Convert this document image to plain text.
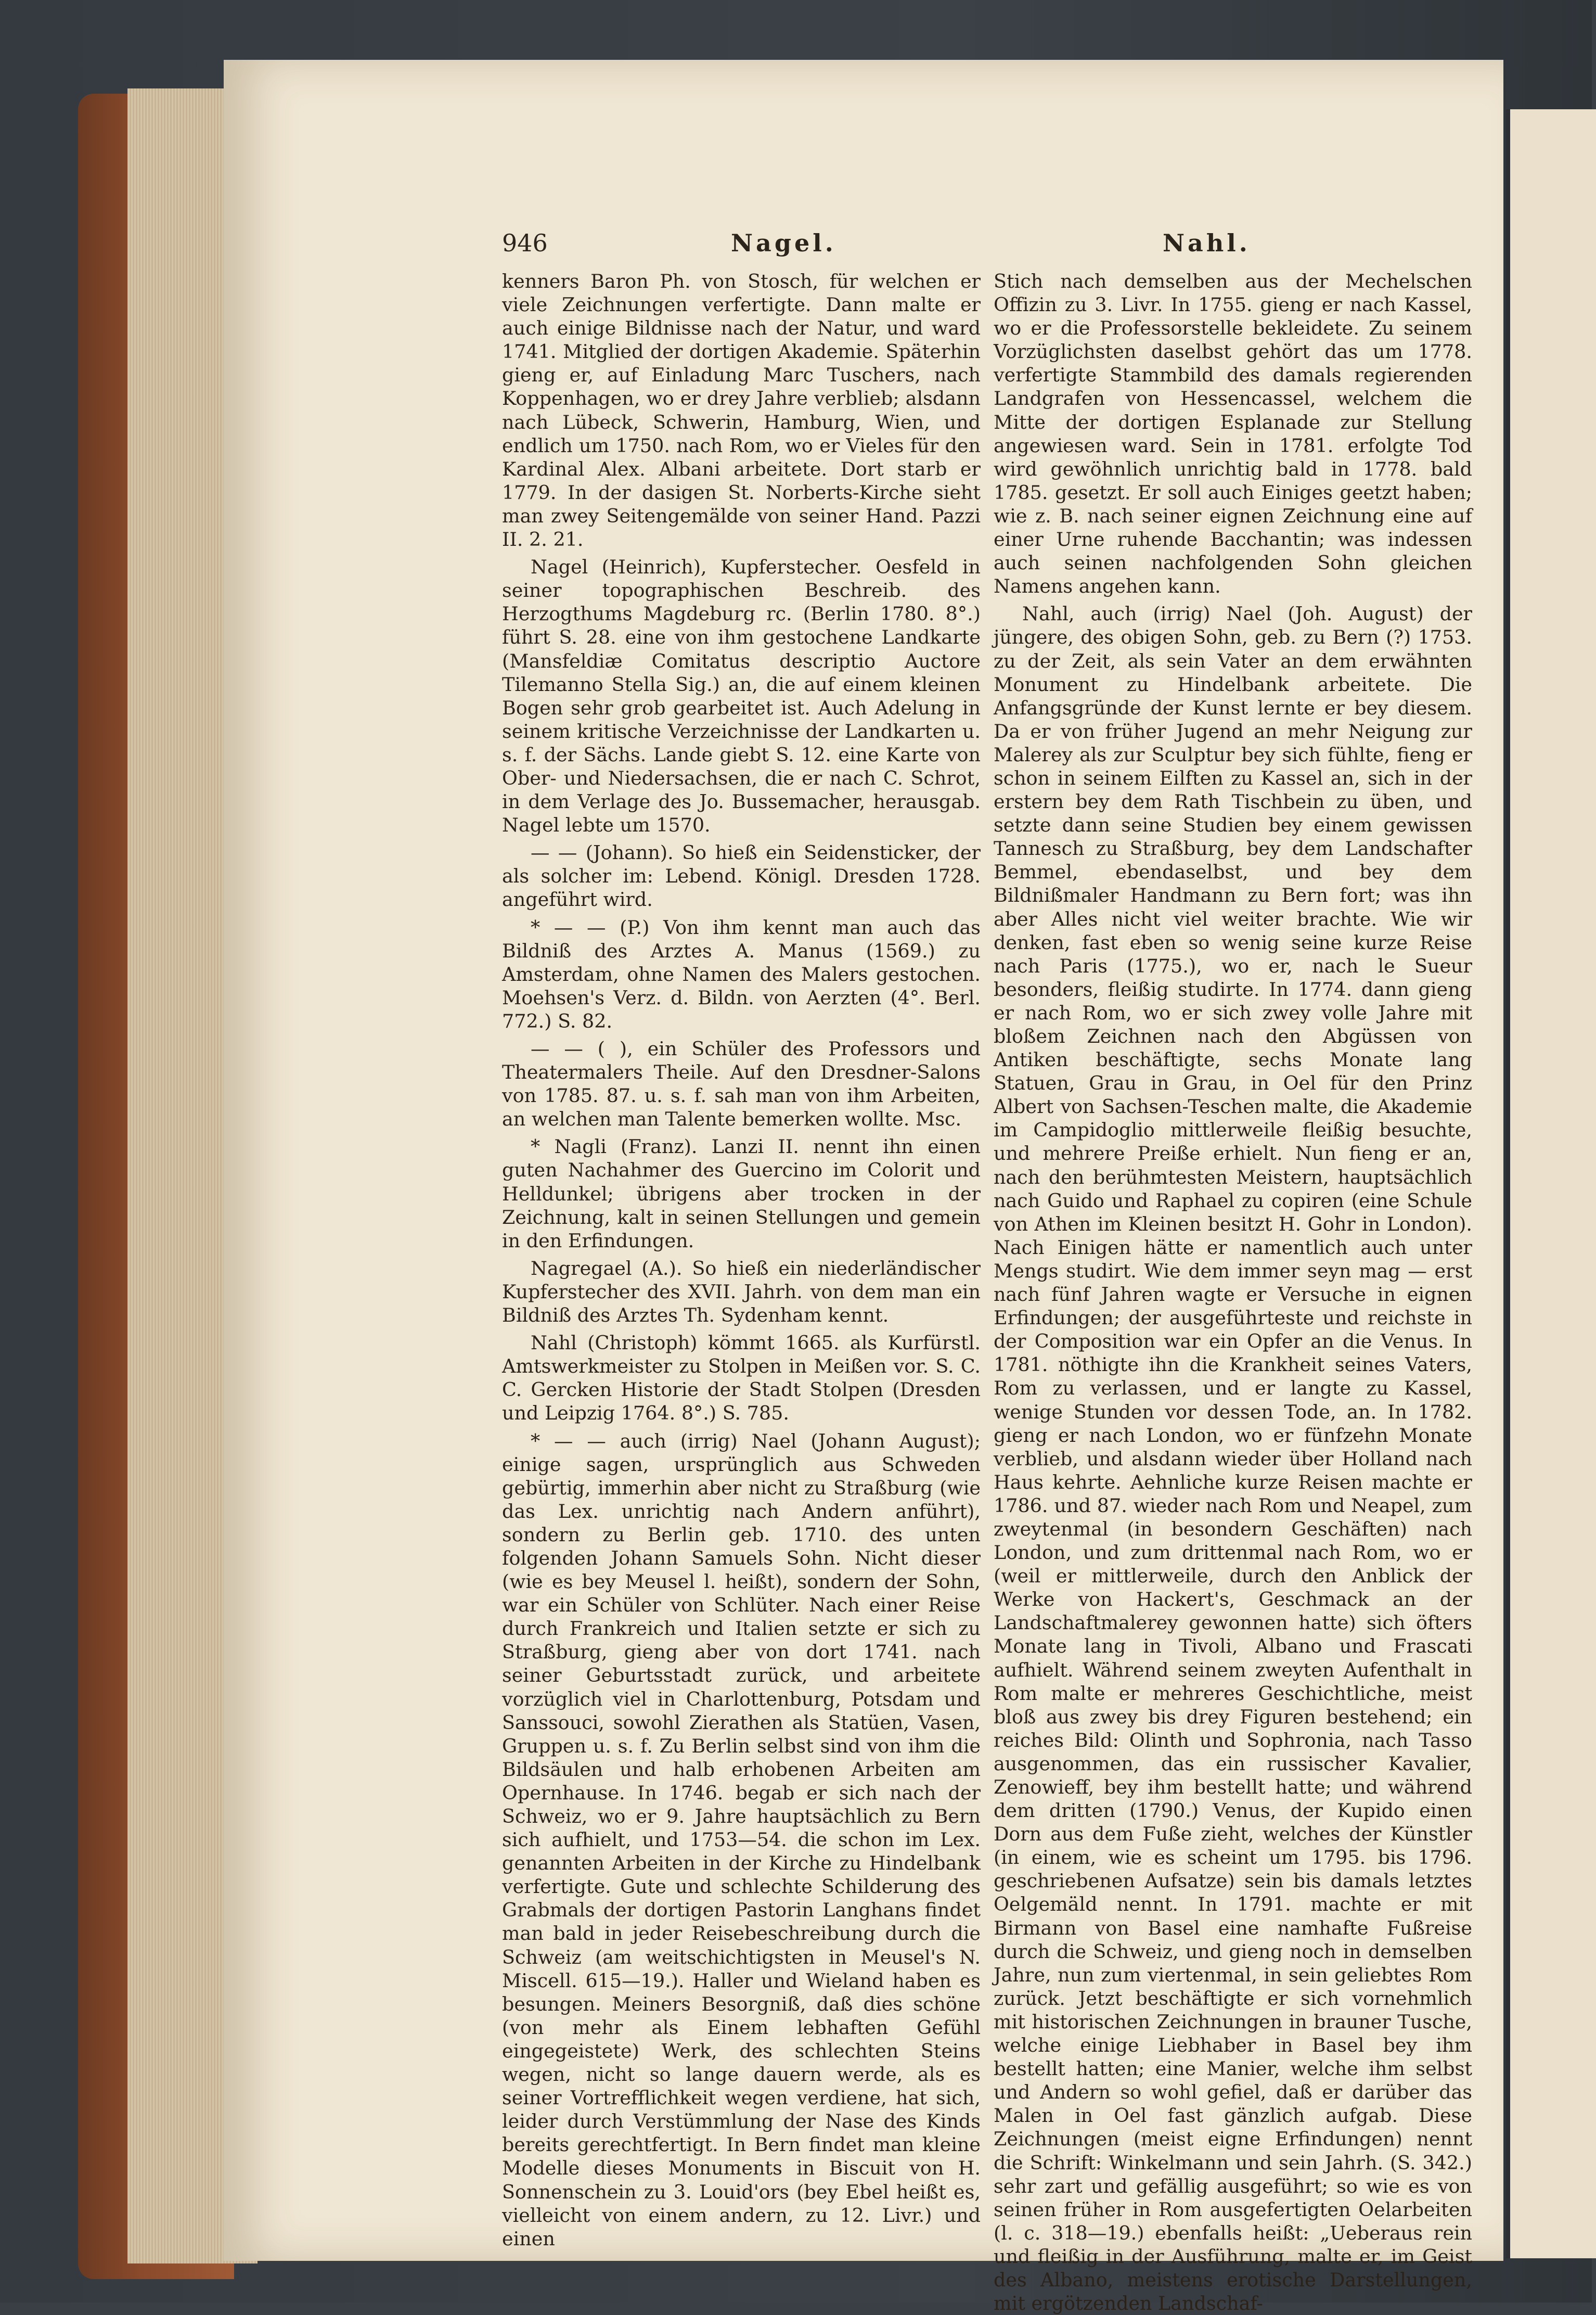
946	Nagel.	Nahl.

kenners Baron Ph. von Stosch, für welchen er viele Zeichnungen verfertigte. Dann malte er auch einige Bildnisse nach der Natur, und ward 1741. Mitglied der dortigen Akademie. Späterhin gieng er, auf Einladung Marc Tuschers, nach Koppenhagen, wo er drey Jahre verblieb; alsdann nach Lübeck, Schwerin, Hamburg, Wien, und endlich um 1750. nach Rom, wo er Vieles für den Kardinal Alex. Albani arbeitete. Dort starb er 1779. In der dasigen St. Norberts-Kirche sieht man zwey Seitengemälde von seiner Hand. Pazzi II. 2. 21.

Nagel (Heinrich), Kupferstecher. Oesfeld in seiner topographischen Beschreib. des Herzogthums Magdeburg rc. (Berlin 1780. 8°.) führt S. 28. eine von ihm gestochene Landkarte (Mansfeldiæ Comitatus descriptio Auctore Tilemanno Stella Sig.) an, die auf einem kleinen Bogen sehr grob gearbeitet ist. Auch Adelung in seinem kritische Verzeichnisse der Landkarten u. s. f. der Sächs. Lande giebt S. 12. eine Karte von Ober- und Niedersachsen, die er nach C. Schrot, in dem Verlage des Jo. Bussemacher, herausgab. Nagel lebte um 1570.

— — (Johann). So hieß ein Seidensticker, der als solcher im: Lebend. Königl. Dresden 1728. angeführt wird.

* — — (P.) Von ihm kennt man auch das Bildniß des Arztes A. Manus (1569.) zu Amsterdam, ohne Namen des Malers gestochen. Moehsen's Verz. d. Bildn. von Aerzten (4°. Berl. 772.) S. 82.

— — ( ), ein Schüler des Professors und Theatermalers Theile. Auf den Dresdner-Salons von 1785. 87. u. s. f. sah man von ihm Arbeiten, an welchen man Talente bemerken wollte. Msc.

* Nagli (Franz). Lanzi II. nennt ihn einen guten Nachahmer des Guercino im Colorit und Helldunkel; übrigens aber trocken in der Zeichnung, kalt in seinen Stellungen und gemein in den Erfindungen.

Nagregael (A.). So hieß ein niederländischer Kupferstecher des XVII. Jahrh. von dem man ein Bildniß des Arztes Th. Sydenham kennt.

Nahl (Christoph) kömmt 1665. als Kurfürstl. Amtswerkmeister zu Stolpen in Meißen vor. S. C. C. Gercken Historie der Stadt Stolpen (Dresden und Leipzig 1764. 8°.) S. 785.

* — — auch (irrig) Nael (Johann August); einige sagen, ursprünglich aus Schweden gebürtig, immerhin aber nicht zu Straßburg (wie das Lex. unrichtig nach Andern anführt), sondern zu Berlin geb. 1710. des unten folgenden Johann Samuels Sohn. Nicht dieser (wie es bey Meusel l. heißt), sondern der Sohn, war ein Schüler von Schlüter. Nach einer Reise durch Frankreich und Italien setzte er sich zu Straßburg, gieng aber von dort 1741. nach seiner Geburtsstadt zurück, und arbeitete vorzüglich viel in Charlottenburg, Potsdam und Sanssouci, sowohl Zierathen als Statüen, Vasen, Gruppen u. s. f. Zu Berlin selbst sind von ihm die Bildsäulen und halb erhobenen Arbeiten am Opernhause. In 1746. begab er sich nach der Schweiz, wo er 9. Jahre hauptsächlich zu Bern sich aufhielt, und 1753—54. die schon im Lex. genannten Arbeiten in der Kirche zu Hindelbank verfertigte. Gute und schlechte Schilderung des Grabmals der dortigen Pastorin Langhans findet man bald in jeder Reisebeschreibung durch die Schweiz (am weitschichtigsten in Meusel's N. Miscell. 615—19.). Haller und Wieland haben es besungen. Meiners Besorgniß, daß dies schöne (von mehr als Einem lebhaften Gefühl eingegeistete) Werk, des schlechten Steins wegen, nicht so lange dauern werde, als es seiner Vortrefflichkeit wegen verdiene, hat sich, leider durch Verstümmlung der Nase des Kinds bereits gerechtfertigt. In Bern findet man kleine Modelle dieses Monuments in Biscuit von H. Sonnenschein zu 3. Louid'ors (bey Ebel heißt es, vielleicht von einem andern, zu 12. Livr.) und einen

Stich nach demselben aus der Mechelschen Offizin zu 3. Livr. In 1755. gieng er nach Kassel, wo er die Professorstelle bekleidete. Zu seinem Vorzüglichsten daselbst gehört das um 1778. verfertigte Stammbild des damals regierenden Landgrafen von Hessencassel, welchem die Mitte der dortigen Esplanade zur Stellung angewiesen ward. Sein in 1781. erfolgte Tod wird gewöhnlich unrichtig bald in 1778. bald 1785. gesetzt. Er soll auch Einiges geetzt haben; wie z. B. nach seiner eignen Zeichnung eine auf einer Urne ruhende Bacchantin; was indessen auch seinen nachfolgenden Sohn gleichen Namens angehen kann.

Nahl, auch (irrig) Nael (Joh. August) der jüngere, des obigen Sohn, geb. zu Bern (?) 1753. zu der Zeit, als sein Vater an dem erwähnten Monument zu Hindelbank arbeitete. Die Anfangsgründe der Kunst lernte er bey diesem. Da er von früher Jugend an mehr Neigung zur Malerey als zur Sculptur bey sich fühlte, fieng er schon in seinem Eilften zu Kassel an, sich in der erstern bey dem Rath Tischbein zu üben, und setzte dann seine Studien bey einem gewissen Tannesch zu Straßburg, bey dem Landschafter Bemmel, ebendaselbst, und bey dem Bildnißmaler Handmann zu Bern fort; was ihn aber Alles nicht viel weiter brachte. Wie wir denken, fast eben so wenig seine kurze Reise nach Paris (1775.), wo er, nach le Sueur besonders, fleißig studirte. In 1774. dann gieng er nach Rom, wo er sich zwey volle Jahre mit bloßem Zeichnen nach den Abgüssen von Antiken beschäftigte, sechs Monate lang Statuen, Grau in Grau, in Oel für den Prinz Albert von Sachsen-Teschen malte, die Akademie im Campidoglio mittlerweile fleißig besuchte, und mehrere Preiße erhielt. Nun fieng er an, nach den berühmtesten Meistern, hauptsächlich nach Guido und Raphael zu copiren (eine Schule von Athen im Kleinen besitzt H. Gohr in London). Nach Einigen hätte er namentlich auch unter Mengs studirt. Wie dem immer seyn mag — erst nach fünf Jahren wagte er Versuche in eignen Erfindungen; der ausgeführteste und reichste in der Composition war ein Opfer an die Venus. In 1781. nöthigte ihn die Krankheit seines Vaters, Rom zu verlassen, und er langte zu Kassel, wenige Stunden vor dessen Tode, an. In 1782. gieng er nach London, wo er fünfzehn Monate verblieb, und alsdann wieder über Holland nach Haus kehrte. Aehnliche kurze Reisen machte er 1786. und 87. wieder nach Rom und Neapel, zum zweytenmal (in besondern Geschäften) nach London, und zum drittenmal nach Rom, wo er (weil er mittlerweile, durch den Anblick der Werke von Hackert's, Geschmack an der Landschaftmalerey gewonnen hatte) sich öfters Monate lang in Tivoli, Albano und Frascati aufhielt. Während seinem zweyten Aufenthalt in Rom malte er mehreres Geschichtliche, meist bloß aus zwey bis drey Figuren bestehend; ein reiches Bild: Olinth und Sophronia, nach Tasso ausgenommen, das ein russischer Kavalier, Zenowieff, bey ihm bestellt hatte; und während dem dritten (1790.) Venus, der Kupido einen Dorn aus dem Fuße zieht, welches der Künstler (in einem, wie es scheint um 1795. bis 1796. geschriebenen Aufsatze) sein bis damals letztes Oelgemäld nennt. In 1791. machte er mit Birmann von Basel eine namhafte Fußreise durch die Schweiz, und gieng noch in demselben Jahre, nun zum viertenmal, in sein geliebtes Rom zurück. Jetzt beschäftigte er sich vornehmlich mit historischen Zeichnungen in brauner Tusche, welche einige Liebhaber in Basel bey ihm bestellt hatten; eine Manier, welche ihm selbst und Andern so wohl gefiel, daß er darüber das Malen in Oel fast gänzlich aufgab. Diese Zeichnungen (meist eigne Erfindungen) nennt die Schrift: Winkelmann und sein Jahrh. (S. 342.) sehr zart und gefällig ausgeführt; so wie es von seinen früher in Rom ausgefertigten Oelarbeiten (l. c. 318—19.) ebenfalls heißt: „Ueberaus rein und fleißig in der Ausführung, malte er, im Geist des Albano, meistens erotische Darstellungen, mit ergötzenden Landschaf-
